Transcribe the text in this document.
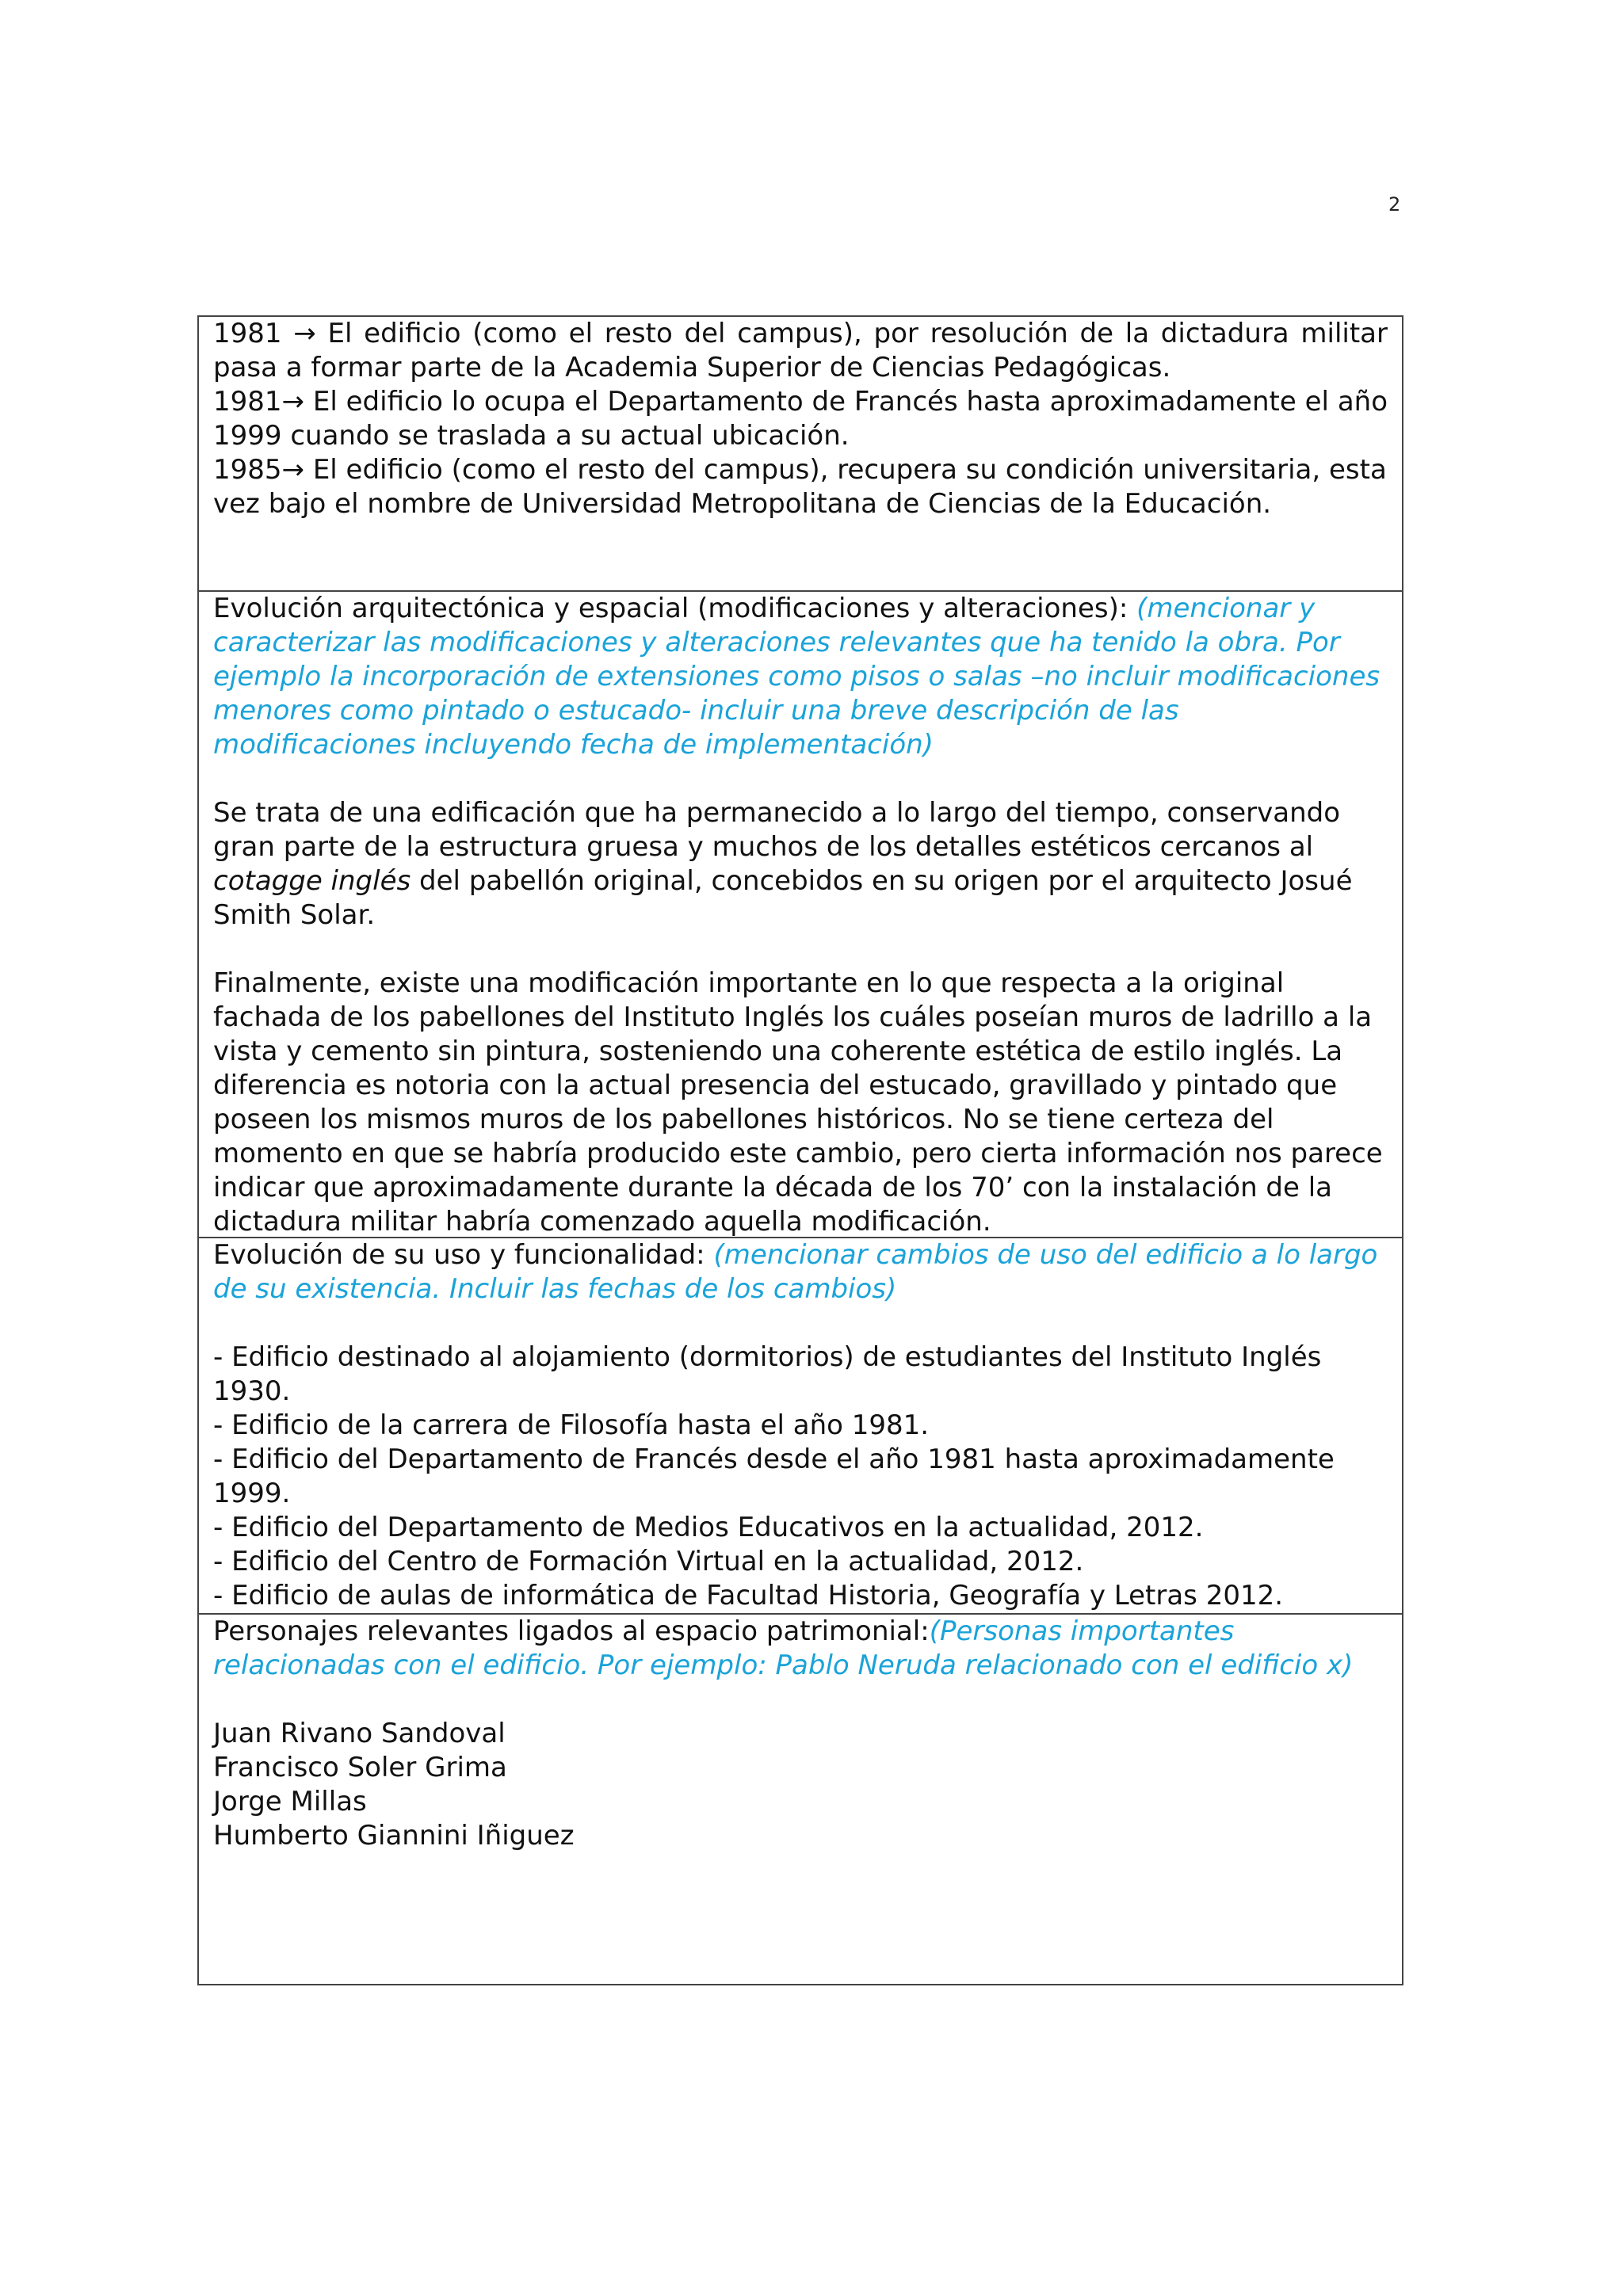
2

1981 → El edificio (como el resto del campus), por resolución de la dictadura militar pasa a formar parte de la Academia Superior de Ciencias Pedagógicas.

1981→ El edificio lo ocupa el Departamento de Francés hasta aproximadamente el año 1999 cuando se traslada a su actual ubicación.

1985→ El edificio (como el resto del campus), recupera su condición universitaria, esta vez bajo el nombre de Universidad Metropolitana de Ciencias de la Educación.

Evolución arquitectónica y espacial (modificaciones y alteraciones): (mencionar y caracterizar las modificaciones y alteraciones relevantes que ha tenido la obra. Por ejemplo la incorporación de extensiones como pisos o salas –no incluir modificaciones menores como pintado o estucado- incluir una breve descripción de las modificaciones incluyendo fecha de implementación)

Se trata de una edificación que ha permanecido a lo largo del tiempo, conservando gran parte de la estructura gruesa y muchos de los detalles estéticos cercanos al cotagge inglés del pabellón original, concebidos en su origen por el arquitecto Josué Smith Solar.

Finalmente, existe una modificación importante en lo que respecta a la original fachada de los pabellones del Instituto Inglés los cuáles poseían muros de ladrillo a la vista y cemento sin pintura, sosteniendo una coherente estética de estilo inglés. La diferencia es notoria con la actual presencia del estucado, gravillado y pintado que poseen los mismos muros de los pabellones históricos. No se tiene certeza del momento en que se habría producido este cambio, pero cierta información nos parece indicar que aproximadamente durante la década de los 70’ con la instalación de la dictadura militar habría comenzado aquella modificación.

Evolución de su uso y funcionalidad: (mencionar cambios de uso del edificio a lo largo de su existencia. Incluir las fechas de los cambios)

- Edificio destinado al alojamiento (dormitorios) de estudiantes del Instituto Inglés 1930.

- Edificio de la carrera de Filosofía hasta el año 1981.

- Edificio del Departamento de Francés desde el año 1981 hasta aproximadamente 1999.

- Edificio del Departamento de Medios Educativos en la actualidad, 2012.

- Edificio del Centro de Formación Virtual en la actualidad, 2012.

- Edificio de aulas de informática de Facultad Historia, Geografía y Letras 2012.

Personajes relevantes ligados al espacio patrimonial:(Personas importantes relacionadas con el edificio. Por ejemplo: Pablo Neruda relacionado con el edificio x)

Juan Rivano Sandoval

Francisco Soler Grima

Jorge Millas

Humberto Giannini Iñiguez
